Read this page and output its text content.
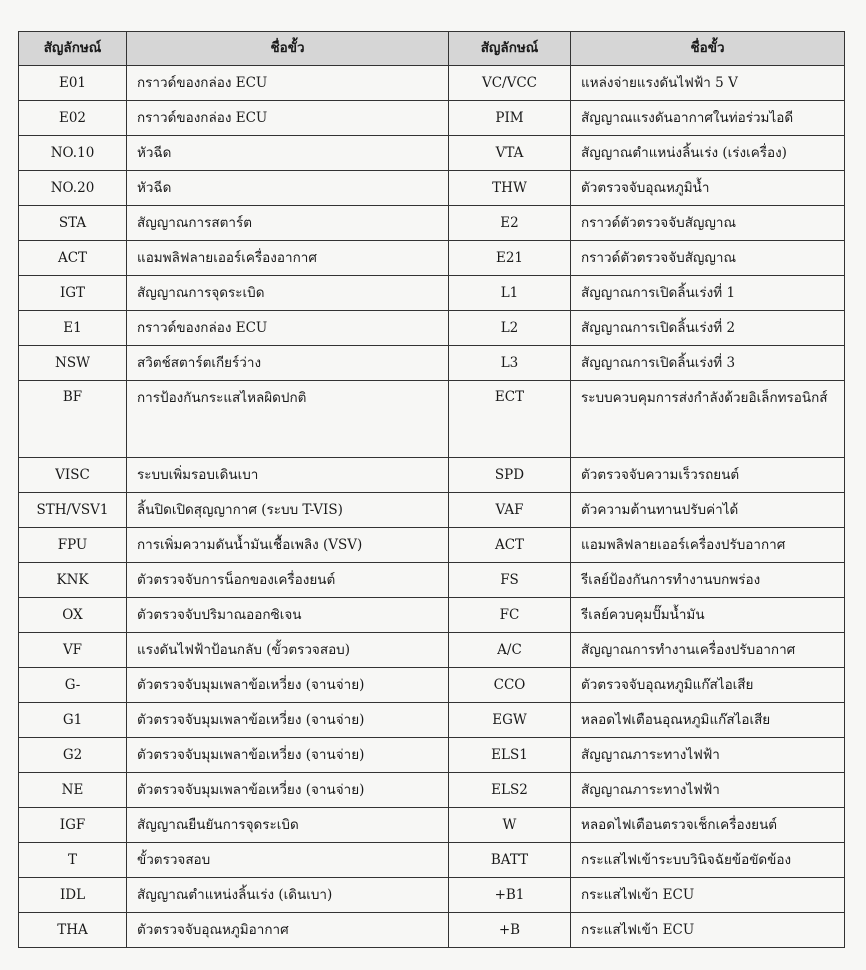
สัญลักษณ์	ชื่อขั้ว	สัญลักษณ์	ชื่อขั้ว
E01	กราวด์ของกล่อง ECU	VC/VCC	แหล่งจ่ายแรงดันไฟฟ้า 5 V
E02	กราวด์ของกล่อง ECU	PIM	สัญญาณแรงดันอากาศในท่อร่วมไอดี
NO.10	หัวฉีด	VTA	สัญญาณตำแหน่งลิ้นเร่ง (เร่งเครื่อง)
NO.20	หัวฉีด	THW	ตัวตรวจจับอุณหภูมิน้ำ
STA	สัญญาณการสตาร์ต	E2	กราวด์ตัวตรวจจับสัญญาณ
ACT	แอมพลิฟลายเออร์เครื่องอากาศ	E21	กราวด์ตัวตรวจจับสัญญาณ
IGT	สัญญาณการจุดระเบิด	L1	สัญญาณการเปิดลิ้นเร่งที่ 1
E1	กราวด์ของกล่อง ECU	L2	สัญญาณการเปิดลิ้นเร่งที่ 2
NSW	สวิตช์สตาร์ตเกียร์ว่าง	L3	สัญญาณการเปิดลิ้นเร่งที่ 3
BF	การป้องกันกระแสไหลผิดปกติ	ECT	ระบบควบคุมการส่งกำลังด้วยอิเล็กทรอนิกส์
VISC	ระบบเพิ่มรอบเดินเบา	SPD	ตัวตรวจจับความเร็วรถยนต์
STH/VSV1	ลิ้นปิดเปิดสุญญากาศ (ระบบ T-VIS)	VAF	ตัวความต้านทานปรับค่าได้
FPU	การเพิ่มความดันน้ำมันเชื้อเพลิง (VSV)	ACT	แอมพลิฟลายเออร์เครื่องปรับอากาศ
KNK	ตัวตรวจจับการน็อกของเครื่องยนต์	FS	รีเลย์ป้องกันการทำงานบกพร่อง
OX	ตัวตรวจจับปริมาณออกซิเจน	FC	รีเลย์ควบคุมปั๊มน้ำมัน
VF	แรงดันไฟฟ้าป้อนกลับ (ขั้วตรวจสอบ)	A/C	สัญญาณการทำงานเครื่องปรับอากาศ
G-	ตัวตรวจจับมุมเพลาข้อเหวี่ยง (จานจ่าย)	CCO	ตัวตรวจจับอุณหภูมิแก๊สไอเสีย
G1	ตัวตรวจจับมุมเพลาข้อเหวี่ยง (จานจ่าย)	EGW	หลอดไฟเตือนอุณหภูมิแก๊สไอเสีย
G2	ตัวตรวจจับมุมเพลาข้อเหวี่ยง (จานจ่าย)	ELS1	สัญญาณภาระทางไฟฟ้า
NE	ตัวตรวจจับมุมเพลาข้อเหวี่ยง (จานจ่าย)	ELS2	สัญญาณภาระทางไฟฟ้า
IGF	สัญญาณยืนยันการจุดระเบิด	W	หลอดไฟเตือนตรวจเช็กเครื่องยนต์
T	ขั้วตรวจสอบ	BATT	กระแสไฟเข้าระบบวินิจฉัยข้อขัดข้อง
IDL	สัญญาณตำแหน่งลิ้นเร่ง (เดินเบา)	+B1	กระแสไฟเข้า ECU
THA	ตัวตรวจจับอุณหภูมิอากาศ	+B	กระแสไฟเข้า ECU
